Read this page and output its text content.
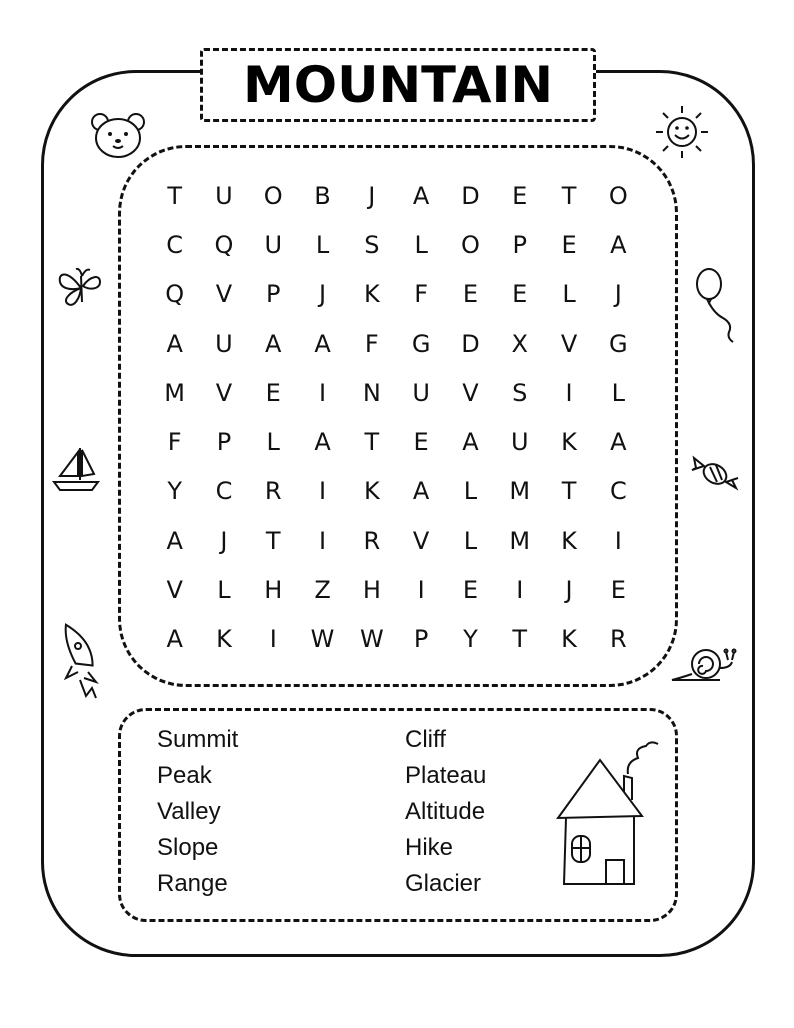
MOUNTAIN
T	U	O	B	J	A	D	E	T	O
C	Q	U	L	S	L	O	P	E	A
Q	V	P	J	K	F	E	E	L	J
A	U	A	A	F	G	D	X	V	G
M	V	E	I	N	U	V	S	I	L
F	P	L	A	T	E	A	U	K	A
Y	C	R	I	K	A	L	M	T	C
A	J	T	I	R	V	L	M	K	I
V	L	H	Z	H	I	E	I	J	E
A	K	I	W	W	P	Y	T	K	R
Summit
Peak
Valley
Slope
Range
Cliff
Plateau
Altitude
Hike
Glacier
